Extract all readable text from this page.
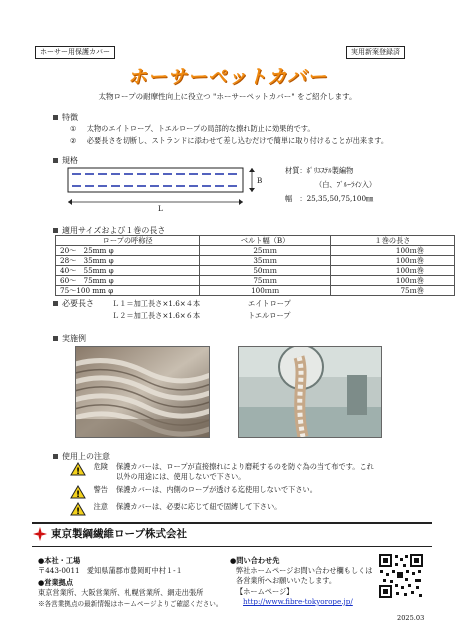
ホーサー用保護カバー	実用新案登録済
ホーサーペットカバー
太物ロープの耐摩性向上に役立つ "ホーサーペットカバー" をご紹介します。
特徴
① 太物のエイトロープ、トエルロープの局部的な擦れ防止に効果的です。
② 必要長さを切断し、ストランドに添わせて差し込むだけで簡単に取り付けることが出来ます。
規格
B
L
材質：ﾎﾟﾘｴｽﾃﾙ製編物
（白、ﾌﾞﾙｰﾗｲﾝ入）
幅　：25,35,50,75,100㎜
適用サイズおよび１巻の長さ
ロープの呼称径	ベルト幅（B）	１巻の長さ
20～　25mm φ	25ｍｍ	100ｍ巻
28～　35mm φ	35ｍｍ	100ｍ巻
40～　55mm φ	50ｍｍ	100ｍ巻
60～　75mm φ	75ｍｍ	100ｍ巻
75～100 mm φ	100ｍｍ	75ｍ巻
必要長さ	Ｌ１＝加工長さ×1.6×４本	エイトロープ
Ｌ２＝加工長さ×1.6×６本	トエルロープ
実施例
使用上の注意
!
危険 保護カバーは、ロープが直接擦れにより磨耗するのを防ぐ為の当て布です。これ
以外の用途には、使用しないで下さい。
!
警告 保護カバーは、内側のロープが透ける迄使用しないで下さい。
!
注意 保護カバーは、必要に応じて紐で固縛して下さい。
東京製綱繊維ロープ株式会社
●本社・工場
〒443-0011　愛知県蒲郡市豊岡町中村１-１
●営業拠点
東京営業所、大阪営業所、札幌営業所、網走出張所
※各営業拠点の最新情報はホームページよりご確認ください。
●問い合わせ先
弊社ホームページお問い合わせ欄もしくは
各営業所へお願いいたします。
【ホームページ】
http://www.fibre-tokyorope.jp/
2025.03
